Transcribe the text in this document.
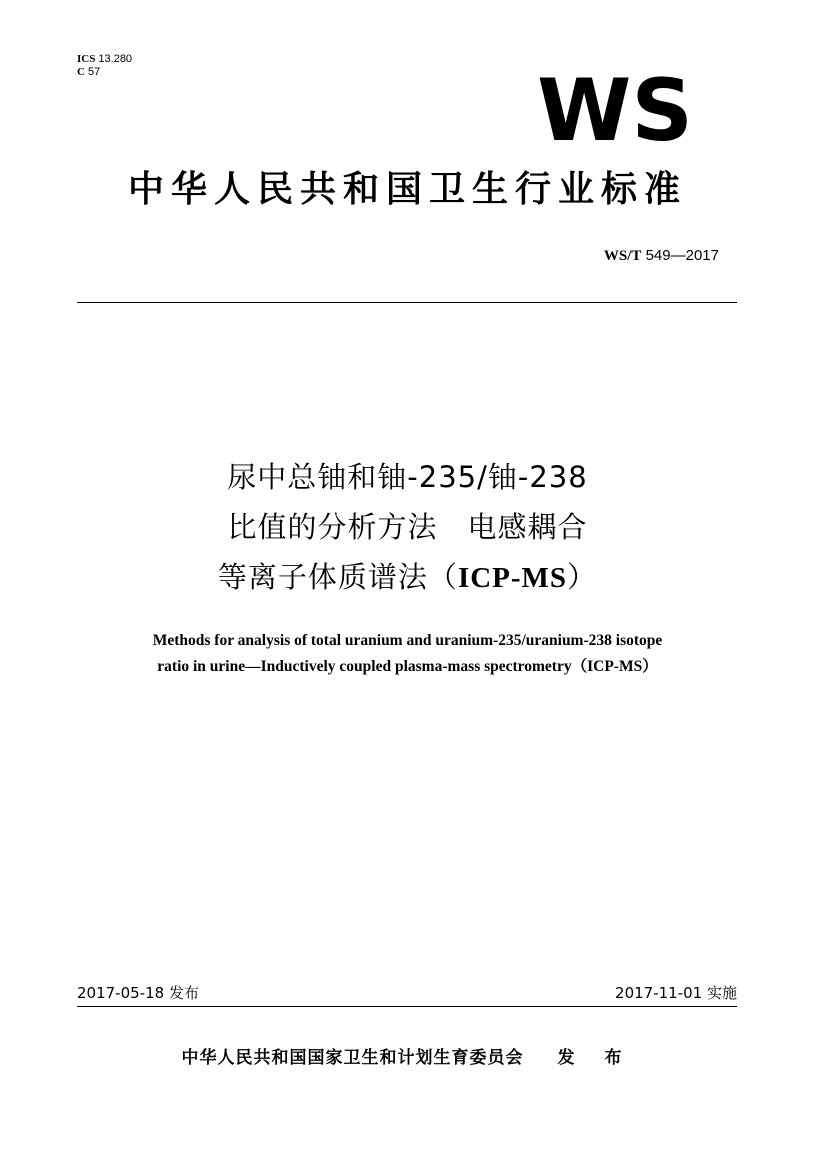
ICS 13.280
C 57	WS
中华人民共和国卫生行业标准
WS/T 549—2017
尿中总铀和铀-235/铀-238
比值的分析方法　电感耦合
等离子体质谱法（ICP-MS）
Methods for analysis of total uranium and uranium-235/uranium-238 isotope
ratio in urine—Inductively coupled plasma-mass spectrometry（ICP-MS）
2017-05-18 发布	2017-11-01 实施
中华人民共和国国家卫生和计划生育委员会 发 布
